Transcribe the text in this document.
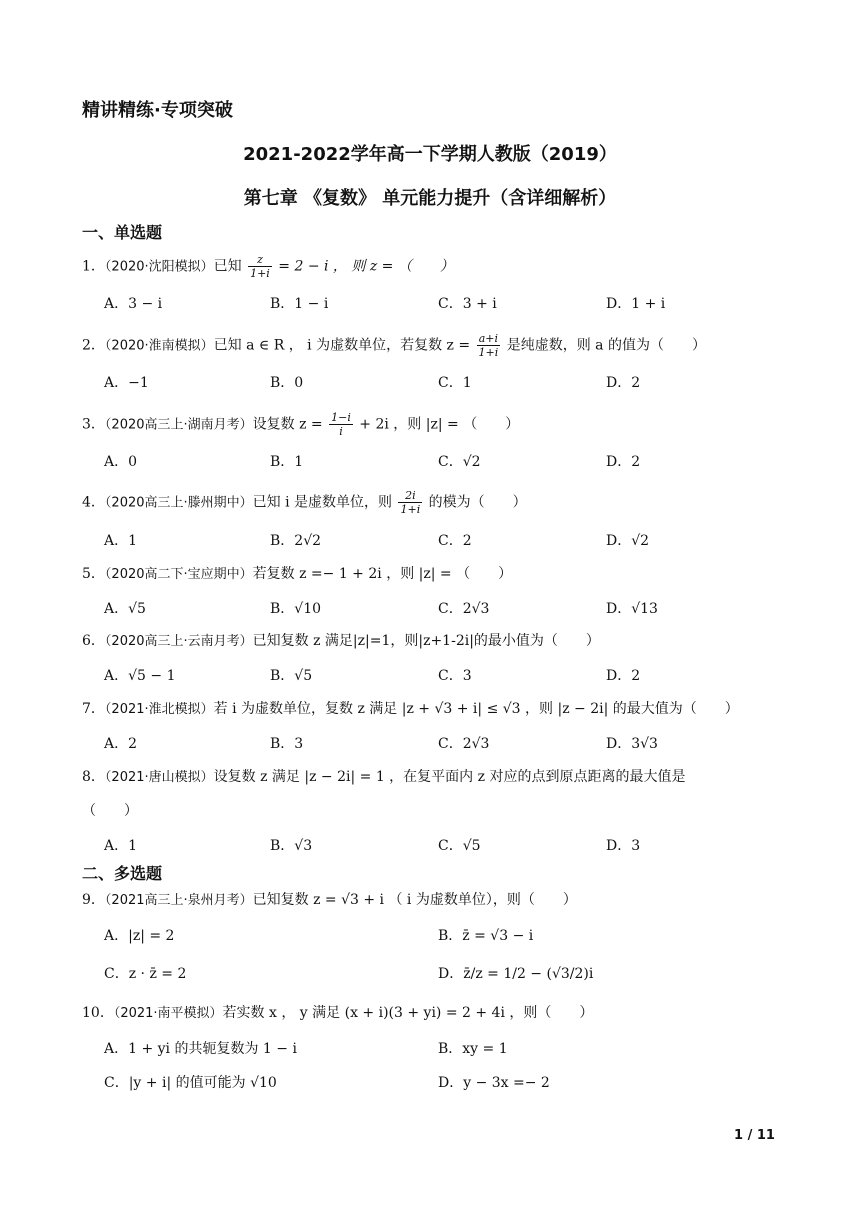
精讲精练·专项突破
2021-2022学年高一下学期人教版（2019）
第七章 《复数》 单元能力提升（含详细解析）
一、单选题
1．（2020·沈阳模拟）已知 $\frac{z}{1+i} = 2 - i$ ， 则 z = （　　）
A．3 − i	B．1 − i	C．3 + i	D．1 + i
2．（2020·淮南模拟）已知 a ∈ R ， i 为虚数单位，若复数 $z = \frac{a+i}{1+i}$ 是纯虚数，则 a 的值为（　　）
A．−1	B．0	C．1	D．2
3．（2020高三上·湖南月考）设复数 $z = \frac{1-i}{i} + 2i$ ，则 |z| = （　　）
A．0	B．1	C．√2	D．2
4．（2020高三上·滕州期中）已知 i 是虚数单位，则 $\frac{2i}{1+i}$ 的模为（　　）
A．1	B．2√2	C．2	D．√2
5．（2020高二下·宝应期中）若复数 z =− 1 + 2i ，则 |z| = （　　）
A．√5	B．√10	C．2√3	D．√13
6．（2020高三上·云南月考）已知复数 z 满足|z|=1，则|z+1-2i|的最小值为（　　）
A．√5 − 1	B．√5	C．3	D．2
7．（2021·淮北模拟）若 i 为虚数单位，复数 z 满足 |z + √3 + i| ≤ √3 ，则 |z − 2i| 的最大值为（　　）
A．2	B．3	C．2√3	D．3√3
8．（2021·唐山模拟）设复数 z 满足 |z − 2i| = 1 ，在复平面内 z 对应的点到原点距离的最大值是
（　　）
A．1	B．√3	C．√5	D．3
二、多选题
9．（2021高三上·泉州月考）已知复数 z = √3 + i （ i 为虚数单位），则（　　）
A．|z| = 2	B．z̄ = √3 − i
C．z · z̄ = 2	D．z̄/z = 1/2 − (√3/2)i
10．（2021·南平模拟）若实数 x ， y 满足 (x + i)(3 + yi) = 2 + 4i ，则（　　）
A．1 + yi 的共轭复数为 1 − i	B．xy = 1
C．|y + i| 的值可能为 √10	D．y − 3x =− 2
1 / 11
